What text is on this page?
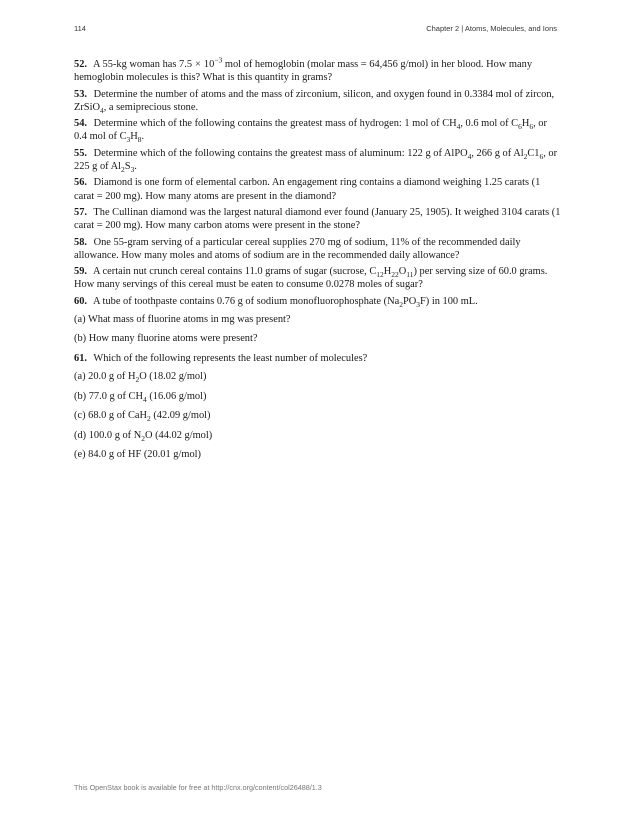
114	Chapter 2 | Atoms, Molecules, and Ions

52. A 55-kg woman has $7.5 \times 10^{-3}$ mol of hemoglobin (molar mass = 64,456 g/mol) in her blood. How many hemoglobin molecules is this? What is this quantity in grams?

53. Determine the number of atoms and the mass of zirconium, silicon, and oxygen found in 0.3384 mol of zircon, ZrSiO$_4$, a semiprecious stone.

54. Determine which of the following contains the greatest mass of hydrogen: 1 mol of $CH_4$, 0.6 mol of $C_6H_6$, or 0.4 mol of $C_3H_8$.

55. Determine which of the following contains the greatest mass of aluminum: 122 g of AlPO$_4$, 266 g of $Al_2C1_6$, or 225 g of $Al_2S_3$.

56. Diamond is one form of elemental carbon. An engagement ring contains a diamond weighing 1.25 carats (1 carat = 200 mg). How many atoms are present in the diamond?

57. The Cullinan diamond was the largest natural diamond ever found (January 25, 1905). It weighed 3104 carats (1 carat = 200 mg). How many carbon atoms were present in the stone?

58. One 55-gram serving of a particular cereal supplies 270 mg of sodium, 11% of the recommended daily allowance. How many moles and atoms of sodium are in the recommended daily allowance?

59. A certain nut crunch cereal contains 11.0 grams of sugar (sucrose, $C_{12}H_{22}O_{11}$) per serving size of 60.0 grams. How many servings of this cereal must be eaten to consume 0.0278 moles of sugar?

60. A tube of toothpaste contains 0.76 g of sodium monofluorophosphate $(Na_2PO_3F)$ in 100 mL.

(a) What mass of fluorine atoms in mg was present?

(b) How many fluorine atoms were present?

61. Which of the following represents the least number of molecules?

(a) 20.0 g of $H_2O$ (18.02 g/mol)

(b) 77.0 g of $CH_4$ (16.06 g/mol)

(c) 68.0 g of CaH$_2$ (42.09 g/mol)

(d) 100.0 g of $N_2O$ (44.02 g/mol)

(e) 84.0 g of HF (20.01 g/mol)

This OpenStax book is available for free at http://cnx.org/content/col26488/1.3
